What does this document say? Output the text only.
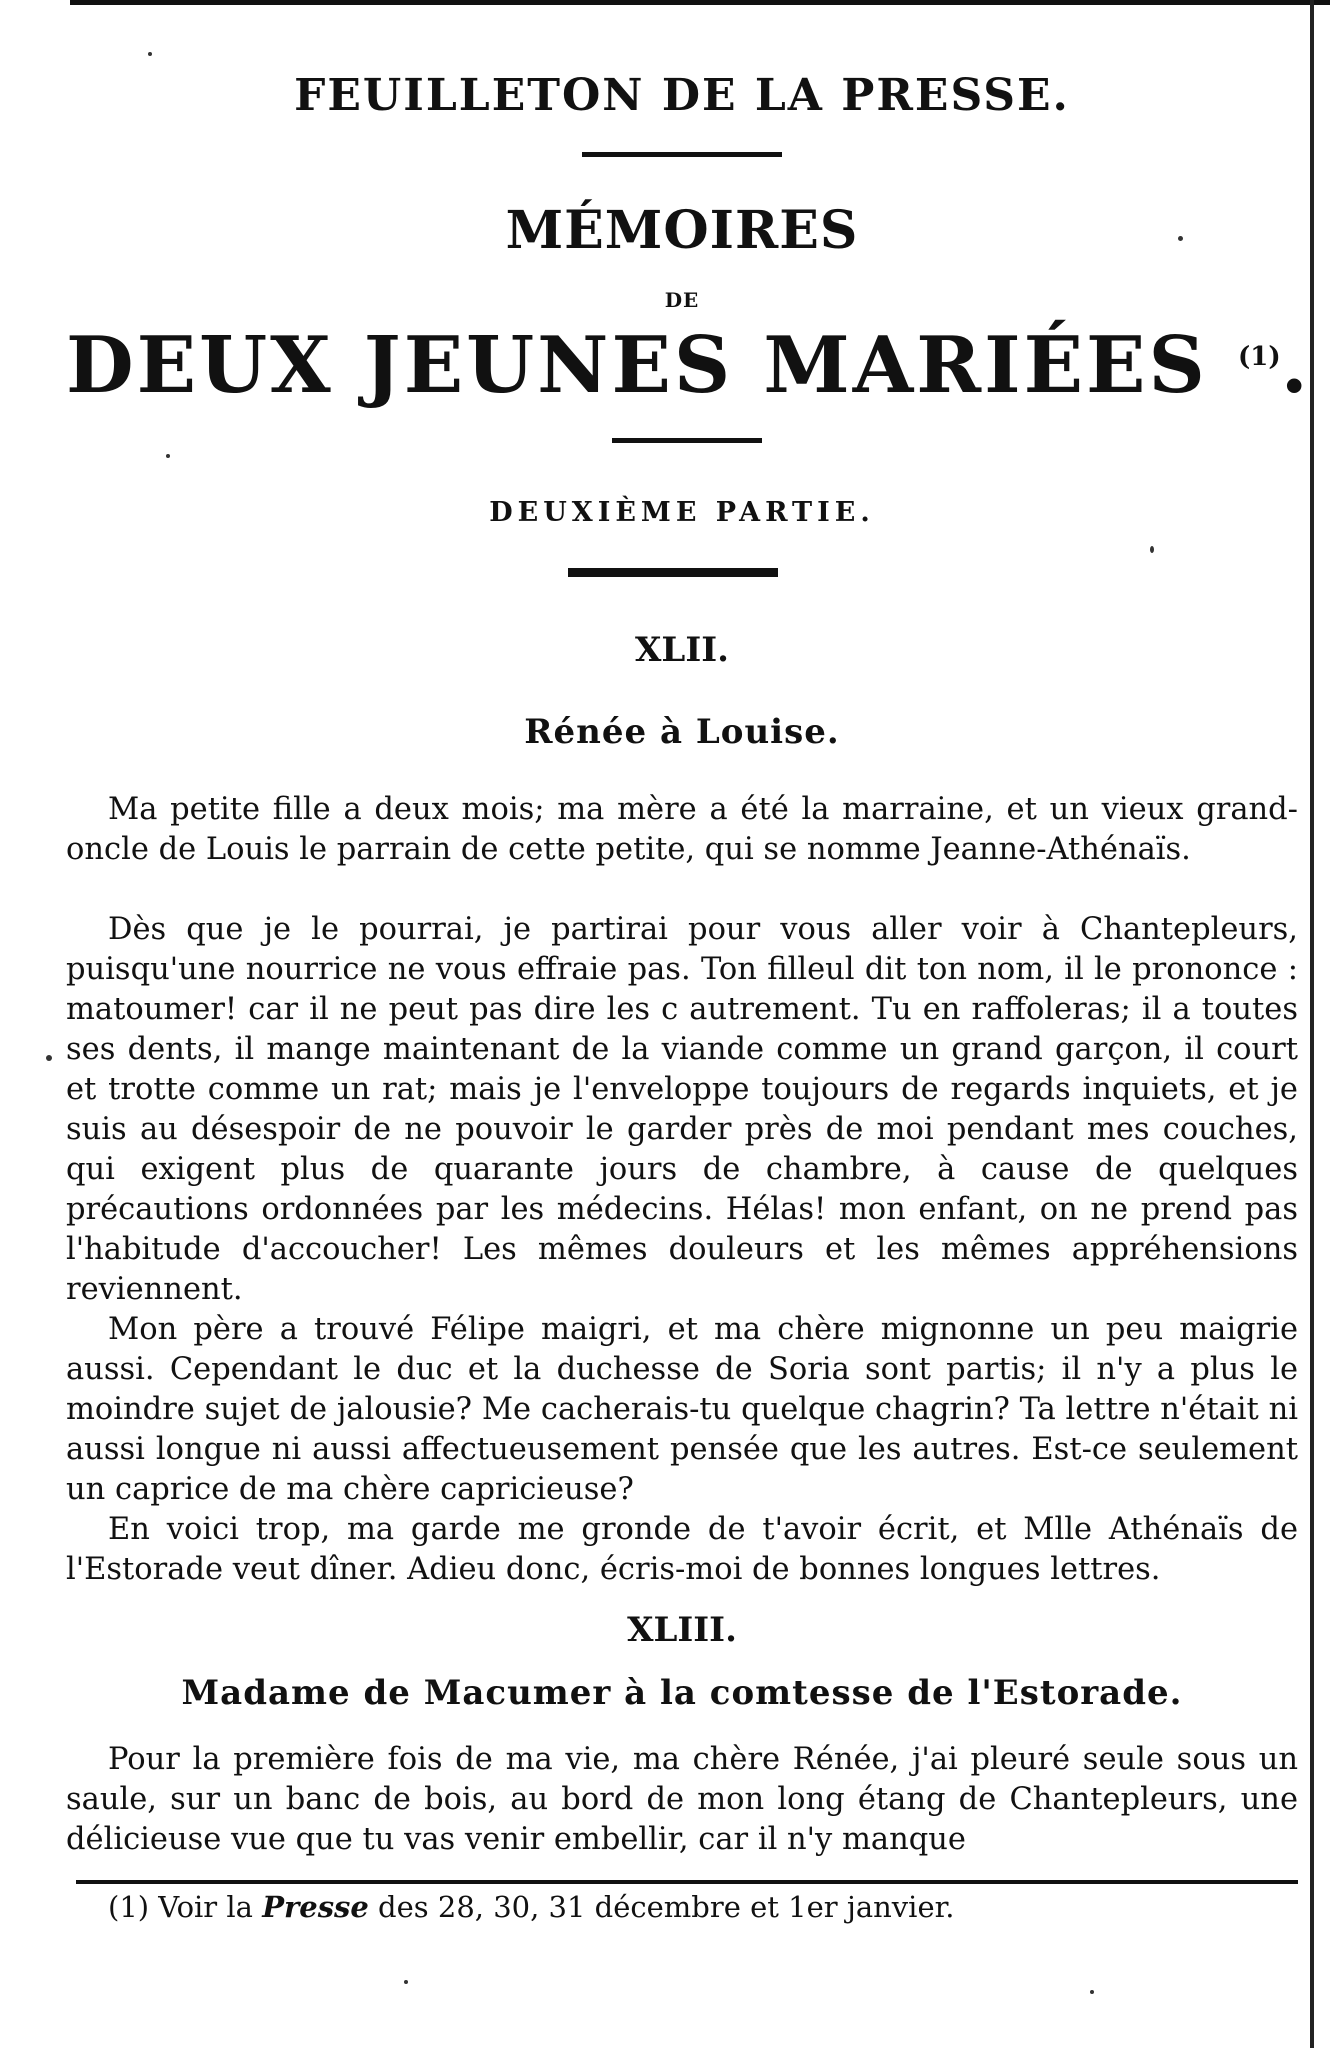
FEUILLETON DE LA PRESSE.
MÉMOIRES
DE
DEUX JEUNES MARIÉES $^{(1)}$.
DEUXIÈME PARTIE.
XLII.
Rénée à Louise.

Ma petite fille a deux mois; ma mère a été la marraine, et un vieux grand-oncle de Louis le parrain de cette petite, qui se nomme Jeanne-Athénaïs.

Dès que je le pourrai, je partirai pour vous aller voir à Chantepleurs, puisqu'une nourrice ne vous effraie pas. Ton filleul dit ton nom, il le prononce : matoumer! car il ne peut pas dire les c autrement. Tu en raffoleras; il a toutes ses dents, il mange maintenant de la viande comme un grand garçon, il court et trotte comme un rat; mais je l'enveloppe toujours de regards inquiets, et je suis au désespoir de ne pouvoir le garder près de moi pendant mes couches, qui exigent plus de quarante jours de chambre, à cause de quelques précautions ordonnées par les médecins. Hélas! mon enfant, on ne prend pas l'habitude d'accoucher! Les mêmes douleurs et les mêmes appréhensions reviennent.

Mon père a trouvé Félipe maigri, et ma chère mignonne un peu maigrie aussi. Cependant le duc et la duchesse de Soria sont partis; il n'y a plus le moindre sujet de jalousie? Me cacherais-tu quelque chagrin? Ta lettre n'était ni aussi longue ni aussi affectueusement pensée que les autres. Est-ce seulement un caprice de ma chère capricieuse?

En voici trop, ma garde me gronde de t'avoir écrit, et Mlle Athénaïs de l'Estorade veut dîner. Adieu donc, écris-moi de bonnes longues lettres.

XLIII.
Madame de Macumer à la comtesse de l'Estorade.

Pour la première fois de ma vie, ma chère Rénée, j'ai pleuré seule sous un saule, sur un banc de bois, au bord de mon long étang de Chantepleurs, une délicieuse vue que tu vas venir embellir, car il n'y manque

(1) Voir la Presse des 28, 30, 31 décembre et 1er janvier.
